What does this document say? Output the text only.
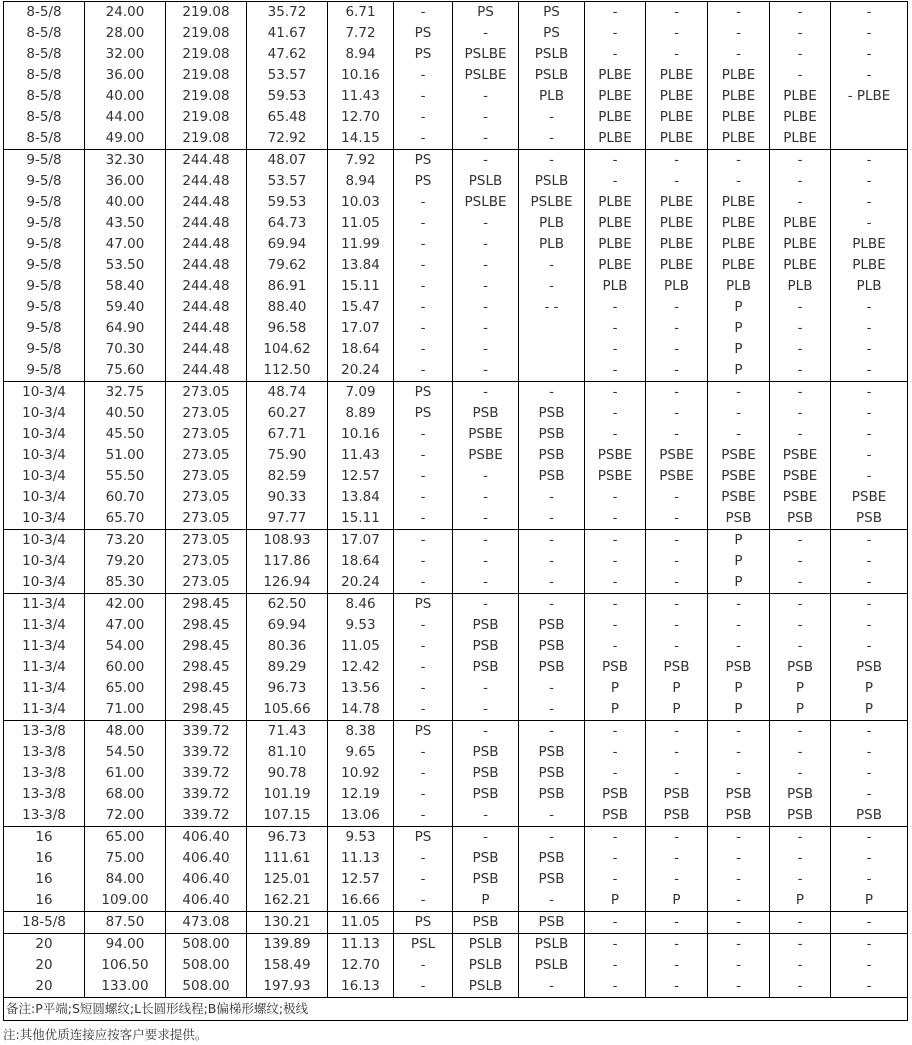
8-5/8	24.00	219.08	35.72	6.71	-	PS	PS	-	-	-	-	-
8-5/8	28.00	219.08	41.67	7.72	PS	-	PS	-	-	-	-	-
8-5/8	32.00	219.08	47.62	8.94	PS	PSLBE	PSLB	-	-	-	-	-
8-5/8	36.00	219.08	53.57	10.16	-	PSLBE	PSLB	PLBE	PLBE	PLBE	-	-
8-5/8	40.00	219.08	59.53	11.43	-	-	PLB	PLBE	PLBE	PLBE	PLBE	- PLBE
8-5/8	44.00	219.08	65.48	12.70	-	-	-	PLBE	PLBE	PLBE	PLBE	
8-5/8	49.00	219.08	72.92	14.15	-	-	-	PLBE	PLBE	PLBE	PLBE	
9-5/8	32.30	244.48	48.07	7.92	PS	-	-	-	-	-	-	-
9-5/8	36.00	244.48	53.57	8.94	PS	PSLB	PSLB	-	-	-	-	-
9-5/8	40.00	244.48	59.53	10.03	-	PSLBE	PSLBE	PLBE	PLBE	PLBE	-	-
9-5/8	43.50	244.48	64.73	11.05	-	-	PLB	PLBE	PLBE	PLBE	PLBE	-
9-5/8	47.00	244.48	69.94	11.99	-	-	PLB	PLBE	PLBE	PLBE	PLBE	PLBE
9-5/8	53.50	244.48	79.62	13.84	-	-	-	PLBE	PLBE	PLBE	PLBE	PLBE
9-5/8	58.40	244.48	86.91	15.11	-	-	-	PLB	PLB	PLB	PLB	PLB
9-5/8	59.40	244.48	88.40	15.47	-	-	- -	-	-	P	-	-
9-5/8	64.90	244.48	96.58	17.07	-	-		-	-	P	-	-
9-5/8	70.30	244.48	104.62	18.64	-	-		-	-	P	-	-
9-5/8	75.60	244.48	112.50	20.24	-	-		-	-	P	-	-
10-3/4	32.75	273.05	48.74	7.09	PS	-	-	-	-	-	-	-
10-3/4	40.50	273.05	60.27	8.89	PS	PSB	PSB	-	-	-	-	-
10-3/4	45.50	273.05	67.71	10.16	-	PSBE	PSB	-	-	-	-	-
10-3/4	51.00	273.05	75.90	11.43	-	PSBE	PSB	PSBE	PSBE	PSBE	PSBE	-
10-3/4	55.50	273.05	82.59	12.57	-	-	PSB	PSBE	PSBE	PSBE	PSBE	-
10-3/4	60.70	273.05	90.33	13.84	-	-	-	-	-	PSBE	PSBE	PSBE
10-3/4	65.70	273.05	97.77	15.11	-	-	-	-	-	PSB	PSB	PSB
10-3/4	73.20	273.05	108.93	17.07	-	-	-	-	-	P	-	-
10-3/4	79.20	273.05	117.86	18.64	-	-	-	-	-	P	-	-
10-3/4	85.30	273.05	126.94	20.24	-	-	-	-	-	P	-	-
11-3/4	42.00	298.45	62.50	8.46	PS	-	-	-	-	-	-	-
11-3/4	47.00	298.45	69.94	9.53	-	PSB	PSB	-	-	-	-	-
11-3/4	54.00	298.45	80.36	11.05	-	PSB	PSB	-	-	-	-	-
11-3/4	60.00	298.45	89.29	12.42	-	PSB	PSB	PSB	PSB	PSB	PSB	PSB
11-3/4	65.00	298.45	96.73	13.56	-	-	-	P	P	P	P	P
11-3/4	71.00	298.45	105.66	14.78	-	-	-	P	P	P	P	P
13-3/8	48.00	339.72	71.43	8.38	PS	-	-	-	-	-	-	-
13-3/8	54.50	339.72	81.10	9.65	-	PSB	PSB	-	-	-	-	-
13-3/8	61.00	339.72	90.78	10.92	-	PSB	PSB	-	-	-	-	-
13-3/8	68.00	339.72	101.19	12.19	-	PSB	PSB	PSB	PSB	PSB	PSB	-
13-3/8	72.00	339.72	107.15	13.06	-	-	-	PSB	PSB	PSB	PSB	PSB
16	65.00	406.40	96.73	9.53	PS	-	-	-	-	-	-	-
16	75.00	406.40	111.61	11.13	-	PSB	PSB	-	-	-	-	-
16	84.00	406.40	125.01	12.57	-	PSB	PSB	-	-	-	-	-
16	109.00	406.40	162.21	16.66	-	P	-	P	P	-	P	P
18-5/8	87.50	473.08	130.21	11.05	PS	PSB	PSB	-	-	-	-	-
20	94.00	508.00	139.89	11.13	PSL	PSLB	PSLB	-	-	-	-	-
20	106.50	508.00	158.49	12.70	-	PSLB	PSLB	-	-	-	-	-
20	133.00	508.00	197.93	16.13	-	PSLB	-	-	-	-	-	-
备注:P平端;S短圆螺纹;L长圆形线程;B偏梯形螺纹;极线												
注:其他优质连接应按客户要求提供。
